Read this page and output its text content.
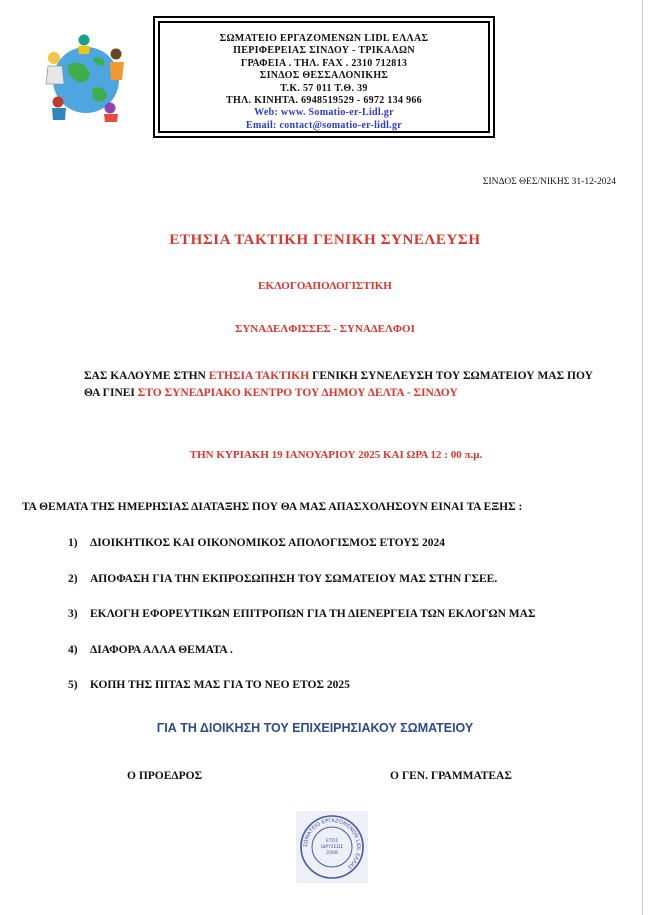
ΣΩΜΑΤΕΙΟ ΕΡΓΑΖΟΜΕΝΩΝ LIDL ΕΛΛΑΣ
ΠΕΡΙΦΕΡΕΙΑΣ ΣΙΝΔΟΥ - ΤΡΙΚΑΛΩΝ
ΓΡΑΦΕΙΑ . ΤΗΛ. FAX . 2310 712813
ΣΙΝΔΟΣ ΘΕΣΣΑΛΟΝΙΚΗΣ
Τ.Κ. 57 011 Τ.Θ. 39
ΤΗΛ. ΚΙΝΗΤΑ. 6948519529 - 6972 134 966
Web: www. Somatio-er-Lidl.gr
Email: contact@somatio-er-lidl.gr
ΣΙΝΔΟΣ ΘΕΣ/ΝΙΚΗΣ 31-12-2024
ΕΤΗΣΙΑ ΤΑΚΤΙΚΗ ΓΕΝΙΚΗ ΣΥΝΕΛΕΥΣΗ
ΕΚΛΟΓΟΑΠΟΛΟΓΙΣΤΙΚΗ
ΣΥΝΑΔΕΛΦΙΣΣΕΣ - ΣΥΝΑΔΕΛΦΟΙ
ΣΑΣ ΚΑΛΟΥΜΕ ΣΤΗΝ ΕΤΗΣΙΑ ΤΑΚΤΙΚΗ ΓΕΝΙΚΗ ΣΥΝΕΛΕΥΣΗ ΤΟΥ ΣΩΜΑΤΕΙΟΥ ΜΑΣ ΠΟΥ ΘΑ ΓΙΝΕΙ ΣΤΟ ΣΥΝΕΔΡΙΑΚΟ ΚΕΝΤΡΟ ΤΟΥ ΔΗΜΟΥ ΔΕΛΤΑ - ΣΙΝΔΟΥ
ΤΗΝ ΚΥΡΙΑΚΗ 19 ΙΑΝΟΥΑΡΙΟΥ 2025 ΚΑΙ ΩΡΑ 12 : 00 π.μ.
ΤΑ ΘΕΜΑΤΑ ΤΗΣ ΗΜΕΡΗΣΙΑΣ ΔΙΑΤΑΞΗΣ ΠΟΥ ΘΑ ΜΑΣ ΑΠΑΣΧΟΛΗΣΟΥΝ ΕΙΝΑΙ ΤΑ ΕΞΗΣ :
1) ΔΙΟΙΚΗΤΙΚΟΣ ΚΑΙ ΟΙΚΟΝΟΜΙΚΟΣ ΑΠΟΛΟΓΙΣΜΟΣ ΕΤΟΥΣ 2024
2) ΑΠΟΦΑΣΗ ΓΙΑ ΤΗΝ ΕΚΠΡΟΣΩΠΗΣΗ ΤΟΥ ΣΩΜΑΤΕΙΟΥ ΜΑΣ ΣΤΗΝ ΓΣΕΕ.
3) ΕΚΛΟΓΗ ΕΦΟΡΕΥΤΙΚΩΝ ΕΠΙΤΡΟΠΩΝ ΓΙΑ ΤΗ ΔΙΕΝΕΡΓΕΙΑ ΤΩΝ ΕΚΛΟΓΩΝ ΜΑΣ
4) ΔΙΑΦΟΡΑ ΑΛΛΑ ΘΕΜΑΤΑ .
5) ΚΟΠΗ ΤΗΣ ΠΙΤΑΣ ΜΑΣ ΓΙΑ ΤΟ ΝΕΟ ΕΤΟΣ 2025
ΓΙΑ ΤΗ ΔΙΟΙΚΗΣΗ ΤΟΥ ΕΠΙΧΕΙΡΗΣΙΑΚΟΥ ΣΩΜΑΤΕΙΟΥ
Ο ΠΡΟΕΔΡΟΣ	Ο ΓΕΝ. ΓΡΑΜΜΑΤΕΑΣ
ΣΩΜΑΤΕΙΟ ΕΡΓΑΖΟΜΕΝΩΝ LIDL ΕΛΛΑΣ
ΕΤΟΣ
ΙΔΡΥΣΕΩΣ
2008
